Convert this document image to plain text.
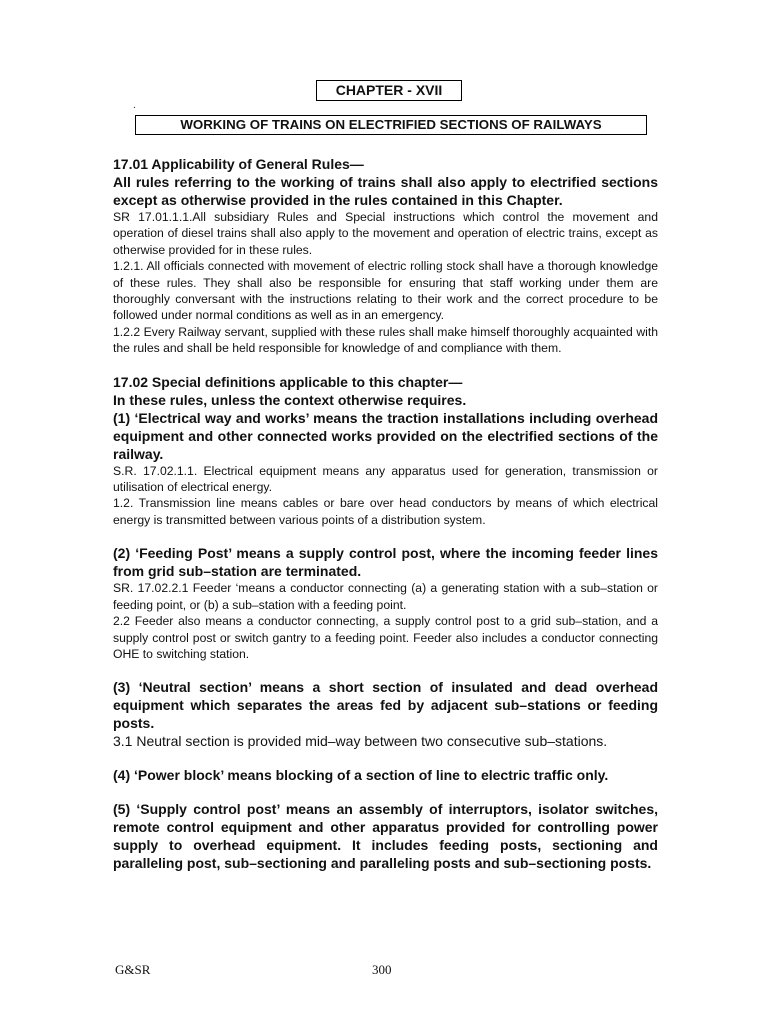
CHAPTER - XVII
.
WORKING OF TRAINS ON ELECTRIFIED SECTIONS OF RAILWAYS

17.01 Applicability of General Rules—

All rules referring to the working of trains shall also apply to electrified sections except as otherwise provided in the rules contained in this Chapter.

SR 17.01.1.1.All subsidiary Rules and Special instructions which control the movement and operation of diesel trains shall also apply to the movement and operation of electric trains, except as otherwise provided for in these rules.

1.2.1. All officials connected with movement of electric rolling stock shall have a thorough knowledge of these rules. They shall also be responsible for ensuring that staff working under them are thoroughly conversant with the instructions relating to their work and the correct procedure to be followed under normal conditions as well as in an emergency.

1.2.2 Every Railway servant, supplied with these rules shall make himself thoroughly acquainted with the rules and shall be held responsible for knowledge of and compliance with them.

17.02 Special definitions applicable to this chapter—

In these rules, unless the context otherwise requires.

(1) ‘Electrical way and works’ means the traction installations including overhead equipment and other connected works provided on the electrified sections of the railway.

S.R. 17.02.1.1. Electrical equipment means any apparatus used for generation, transmission or utilisation of electrical energy.

1.2. Transmission line means cables or bare over head conductors by means of which electrical energy is transmitted between various points of a distribution system.

(2) ‘Feeding Post’ means a supply control post, where the incoming feeder lines from grid sub–station are terminated.

SR. 17.02.2.1 Feeder ‘means a conductor connecting (a) a generating station with a sub–station or feeding point, or (b) a sub–station with a feeding point.

2.2 Feeder also means a conductor connecting, a supply control post to a grid sub–station, and a supply control post or switch gantry to a feeding point. Feeder also includes a conductor connecting OHE to switching station.

(3) ‘Neutral section’ means a short section of insulated and dead overhead equipment which separates the areas fed by adjacent sub–stations or feeding posts.

3.1 Neutral section is provided mid–way between two consecutive sub–stations.

(4) ‘Power block’ means blocking of a section of line to electric traffic only.

(5) ‘Supply control post’ means an assembly of interruptors, isolator switches, remote control equipment and other apparatus provided for controlling power supply to overhead equipment. It includes feeding posts, sectioning and paralleling post, sub–sectioning and paralleling posts and sub–sectioning posts.

G&SR	300
